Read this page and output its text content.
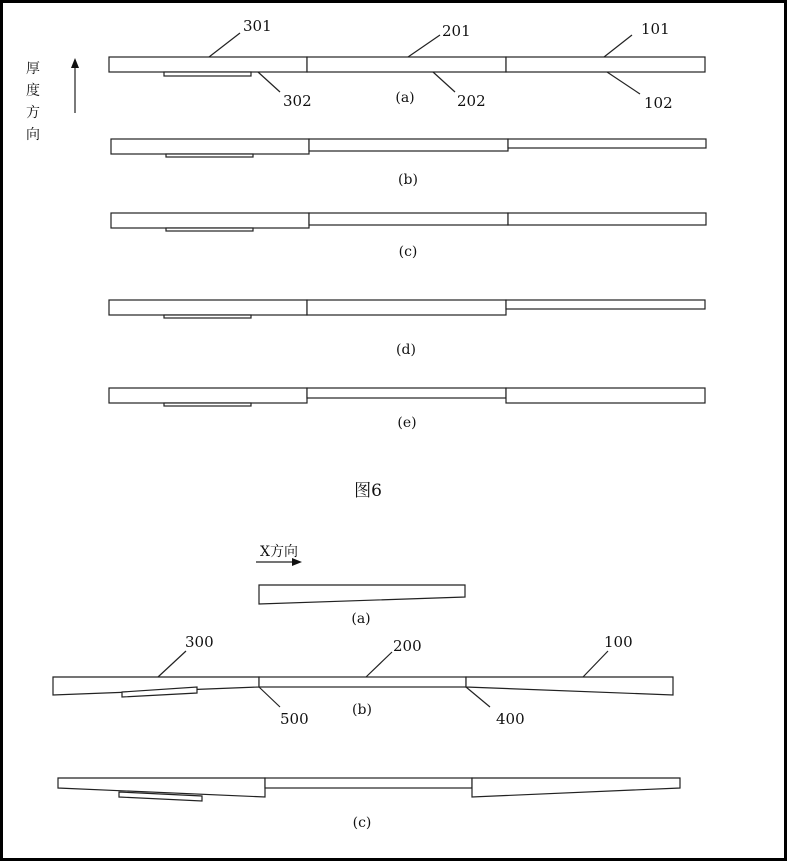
厚
度
方
向
301	201	101
302	202	102
(a)
(b)
(c)
(d)
(e)
图6
X方向
(a)
300	200	100
500	400
(b)
(c)
